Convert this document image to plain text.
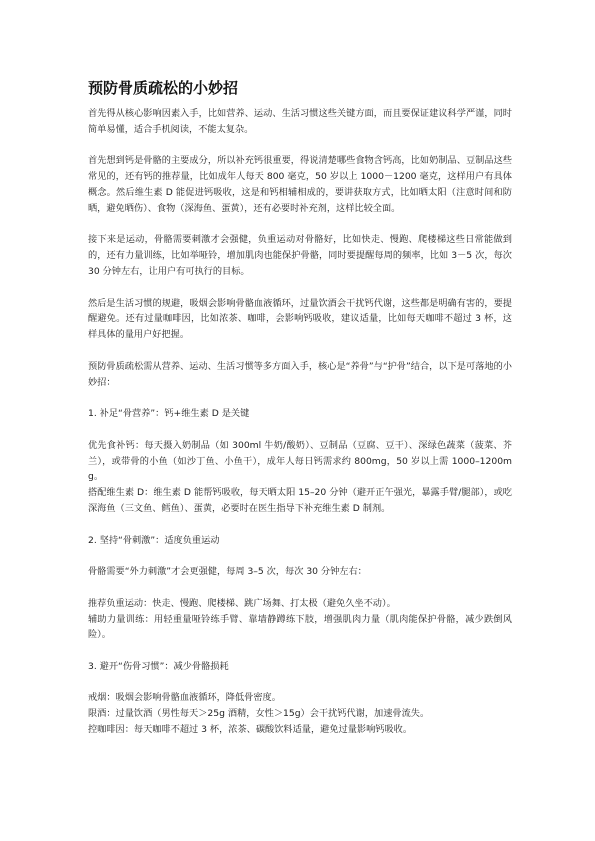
预防骨质疏松的小妙招

首先得从核心影响因素入手，比如营养、运动、生活习惯这些关键方面，而且要保证建议科学严谨，同时简单易懂，适合手机阅读，不能太复杂。

首先想到钙是骨骼的主要成分，所以补充钙很重要，得说清楚哪些食物含钙高，比如奶制品、豆制品这些常见的，还有钙的推荐量，比如成年人每天 800 毫克，50 岁以上 1000－1200 毫克，这样用户有具体概念。然后维生素 D 能促进钙吸收，这是和钙相辅相成的，要讲获取方式，比如晒太阳（注意时间和防晒，避免晒伤）、食物（深海鱼、蛋黄），还有必要时补充剂，这样比较全面。

接下来是运动，骨骼需要刺激才会强健，负重运动对骨骼好，比如快走、慢跑、爬楼梯这些日常能做到的，还有力量训练，比如举哑铃，增加肌肉也能保护骨骼，同时要提醒每周的频率，比如 3－5 次，每次 30 分钟左右，让用户有可执行的目标。

然后是生活习惯的规避，吸烟会影响骨骼血液循环，过量饮酒会干扰钙代谢，这些都是明确有害的，要提醒避免。还有过量咖啡因，比如浓茶、咖啡，会影响钙吸收，建议适量，比如每天咖啡不超过 3 杯，这样具体的量用户好把握。

预防骨质疏松需从营养、运动、生活习惯等多方面入手，核心是“养骨”与“护骨”结合，以下是可落地的小妙招：

1. 补足“骨营养”：钙+维生素 D 是关键

优先食补钙：每天摄入奶制品（如 300ml 牛奶/酸奶）、豆制品（豆腐、豆干）、深绿色蔬菜（菠菜、芥兰），或带骨的小鱼（如沙丁鱼、小鱼干），成年人每日钙需求约 800mg，50 岁以上需 1000–1200mg。

搭配维生素 D：维生素 D 能帮钙吸收，每天晒太阳 15–20 分钟（避开正午强光，暴露手臂/腿部），或吃深海鱼（三文鱼、鳕鱼）、蛋黄，必要时在医生指导下补充维生素 D 制剂。

2. 坚持“骨刺激”：适度负重运动

骨骼需要“外力刺激”才会更强健，每周 3–5 次，每次 30 分钟左右：

推荐负重运动：快走、慢跑、爬楼梯、跳广场舞、打太极（避免久坐不动）。

辅助力量训练：用轻重量哑铃练手臂、靠墙静蹲练下肢，增强肌肉力量（肌肉能保护骨骼，减少跌倒风险）。

3. 避开“伤骨习惯”：减少骨骼损耗

戒烟：吸烟会影响骨骼血液循环，降低骨密度。

限酒：过量饮酒（男性每天＞25g 酒精，女性＞15g）会干扰钙代谢，加速骨流失。

控咖啡因：每天咖啡不超过 3 杯，浓茶、碳酸饮料适量，避免过量影响钙吸收。
